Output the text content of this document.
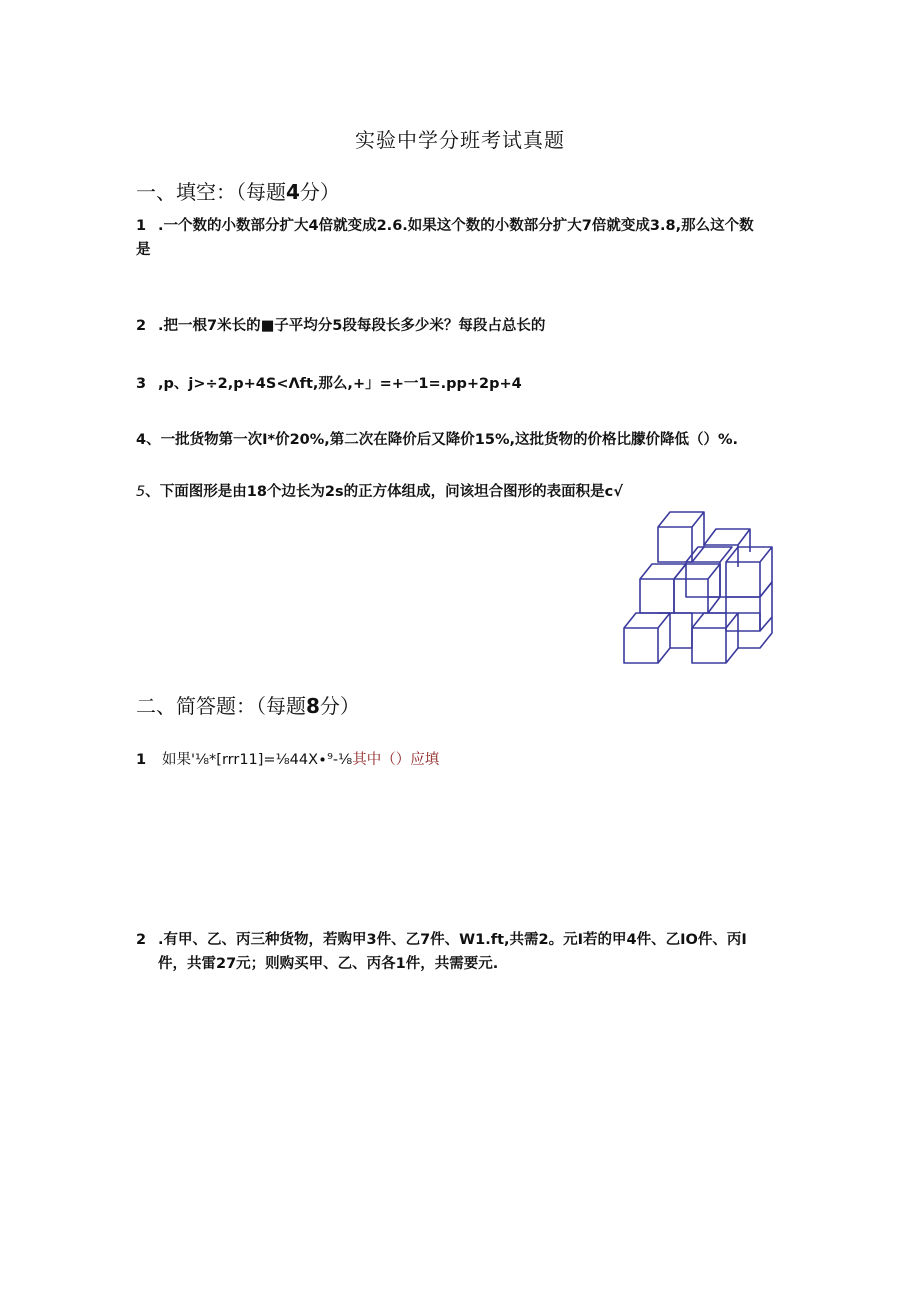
实验中学分班考试真题
一、填空：（每题4分）
1 .一个数的小数部分扩大4倍就变成2.6.如果这个数的小数部分扩大7倍就变成3.8,那么这个数
是
2 .把一根7米长的■子平均分5段每段长多少米？每段占总长的
3 ,p、j>÷2,p+4S<Λft,那么,+」=+一1=.pp+2p+4
4、一批货物第一次I*价20%,第二次在降价后又降价15%,这批货物的价格比朦价降低（）%.
5、下面图形是由18个边长为2s的正方体组成，问该坦合图形的表面积是c√
二、简答题：（每题8分）
1 如果'⅛*[rrr11]=⅛44X∙⁹-⅛其中（）应填
2 .有甲、乙、丙三种货物，若购甲3件、乙7件、W1.ft,共需2。元I若的甲4件、乙IO件、丙I
件，共雷27元；则购买甲、乙、丙各1件，共需要元.
